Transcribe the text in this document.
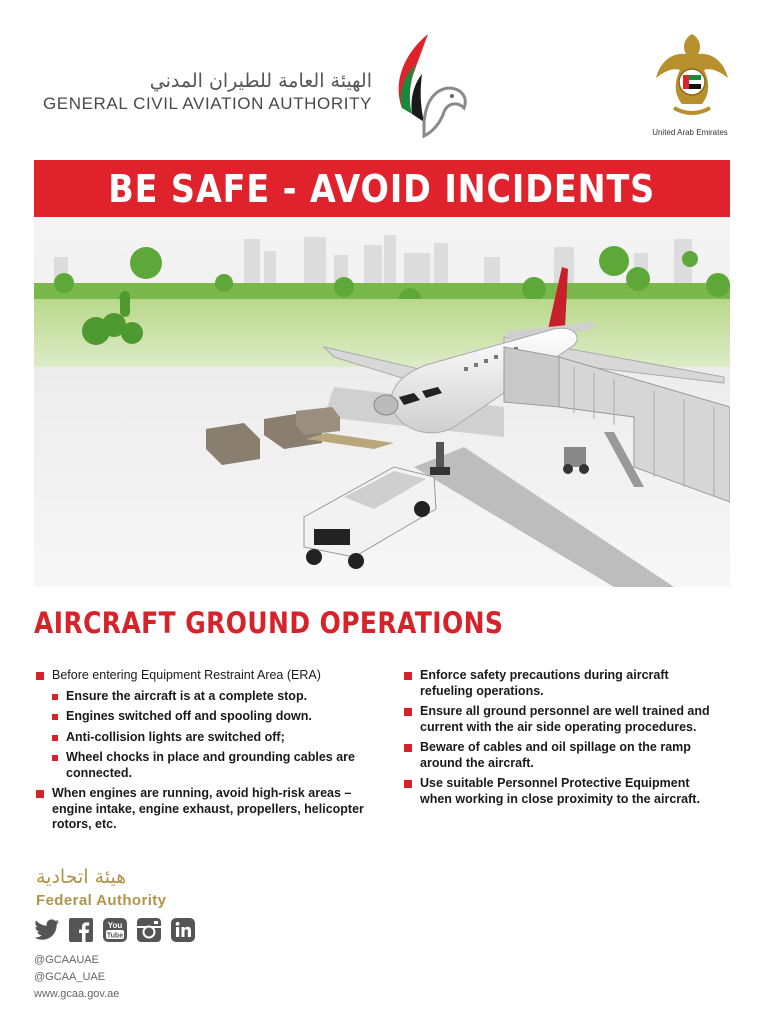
الهيئة العامة للطيران المدني
GENERAL CIVIL AVIATION AUTHORITY
United Arab Emirates
BE SAFE - AVOID INCIDENTS
AIRCRAFT GROUND OPERATIONS
Before entering Equipment Restraint Area (ERA)
Ensure the aircraft is at a complete stop.
Engines switched off and spooling down.
Anti-collision lights are switched off;
Wheel chocks in place and grounding cables are connected.
When engines are running, avoid high-risk areas – engine intake, engine exhaust, propellers, helicopter rotors, etc.
Enforce safety precautions during aircraft refueling operations.
Ensure all ground personnel are well trained and current with the air side operating procedures.
Beware of cables and oil spillage on the ramp around the aircraft.
Use suitable Personnel Protective Equipment when working in close proximity to the aircraft.
هيئة اتحادية
Federal Authority
You
Tube
@GCAAUAE
@GCAA_UAE
www.gcaa.gov.ae
